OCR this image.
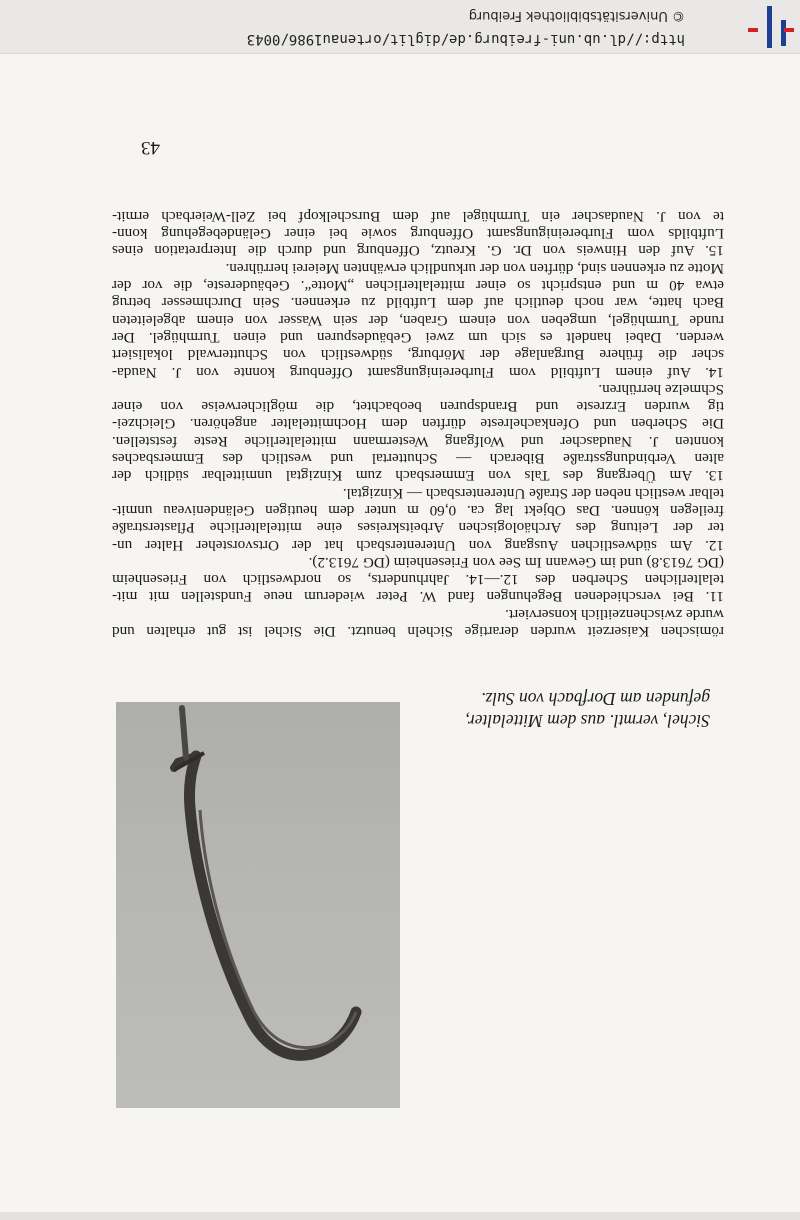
http://dl.ub.uni-freiburg.de/diglit/ortenau1986/0043
© Universitätsbibliothek Freiburg
43

römischen Kaiserzeit wurden derartige Sicheln benutzt. Die Sichel ist gut erhalten und

wurde zwischenzeitlich konserviert.

11. Bei verschiedenen Begehungen fand W. Peter wiederum neue Fundstellen mit mit-

telalterlichen Scherben des 12.—14. Jahrhunderts, so nordwestlich von Friesenheim

(DG 7613.8) und im Gewann Im See von Friesenheim (DG 7613.2).

12. Am südwestlichen Ausgang von Unterentersbach hat der Ortsvorsteher Halter un-

ter der Leitung des Archäologischen Arbeitskreises eine mittelalterliche Pflasterstraße

freilegen können. Das Objekt lag ca. 0,60 m unter dem heutigen Geländeniveau unmit-

telbar westlich neben der Straße Unterentersbach — Kinzigtal.

13. Am Übergang des Tals von Emmersbach zum Kinzigtal unmittelbar südlich der

alten Verbindungsstraße Biberach — Schuttertal und westlich des Emmersbaches

konnten J. Naudascher und Wolfgang Westermann mittelalterliche Reste feststellen.

Die Scherben und Ofenkachelreste dürften dem Hochmittelalter angehören. Gleichzei-

tig wurden Erzreste und Brandspuren beobachtet, die möglicherweise von einer

Schmelze herrühren.

14. Auf einem Luftbild vom Flurbereinigungsamt Offenburg konnte von J. Nauda-

scher die frühere Burganlage der Mörburg, südwestlich von Schutterwald lokalisiert

werden. Dabei handelt es sich um zwei Gebäudespuren und einen Turmhügel. Der

runde Turmhügel, umgeben von einem Graben, der sein Wasser von einem abgeleiteten

Bach hatte, war noch deutlich auf dem Luftbild zu erkennen. Sein Durchmesser betrug

etwa 40 m und entspricht so einer mittelalterlichen „Motte“. Gebäudereste, die vor der

Motte zu erkennen sind, dürften von der urkundlich erwähnten Meierei herrühren.

15. Auf den Hinweis von Dr. G. Kreutz, Offenburg und durch die Interpretation eines

Luftbilds vom Flurbereinigungsamt Offenburg sowie bei einer Geländebegehung konn-

te von J. Naudascher ein Turmhügel auf dem Burschelkopf bei Zell-Weierbach ermit-

Sichel, vermtl. aus dem Mittelalter,
gefunden am Dorfbach von Sulz.
